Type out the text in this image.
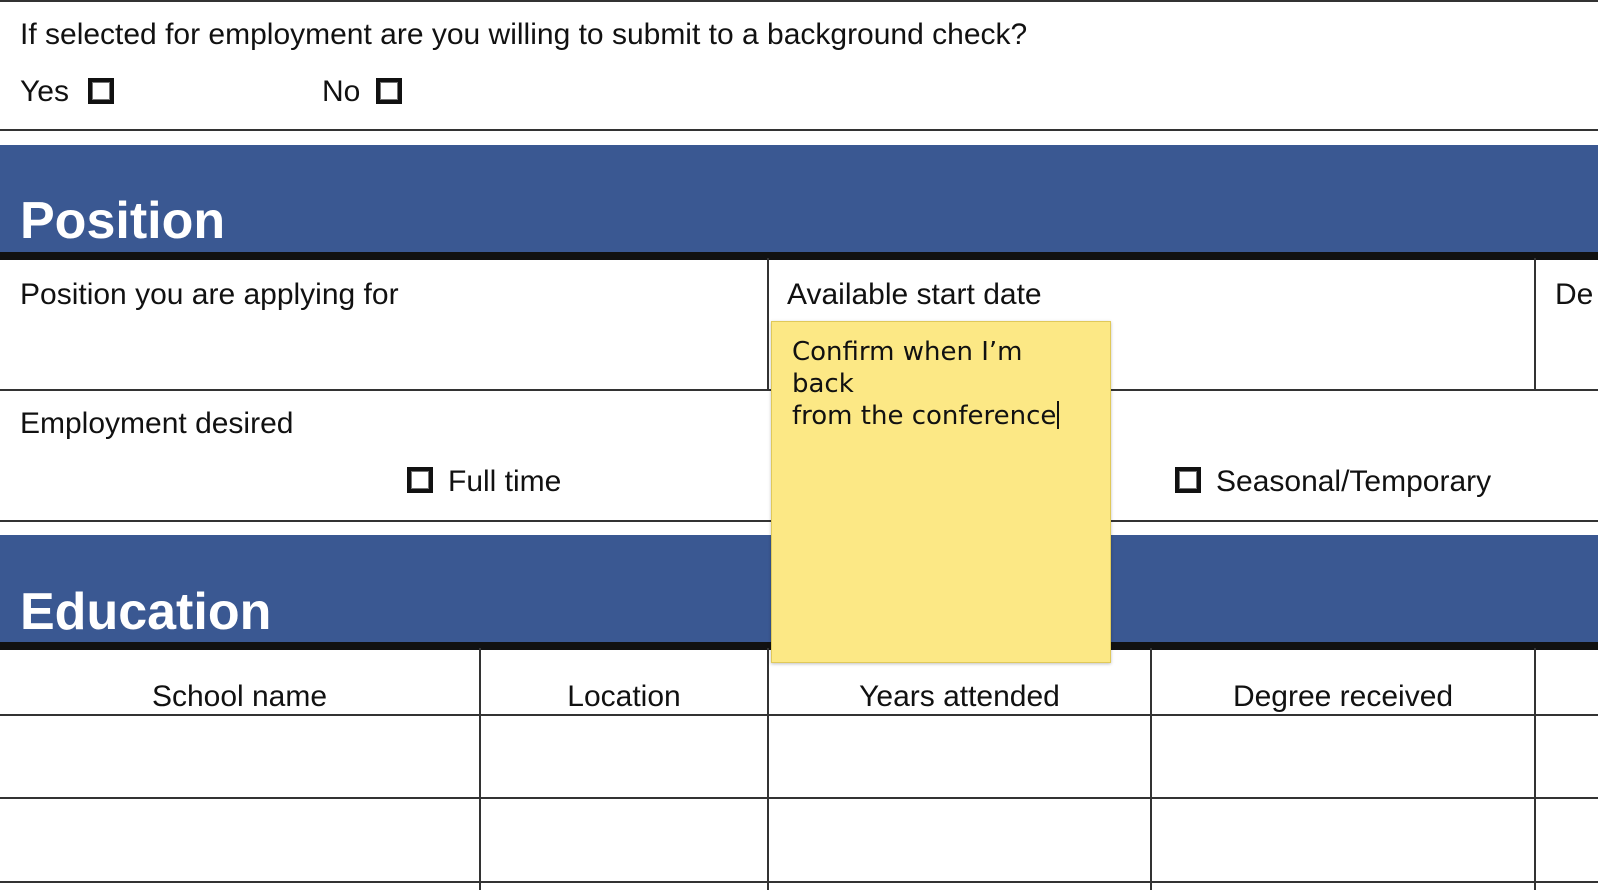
If selected for employment are you willing to submit to a background check?
Yes	No
Position
Position you are applying for	Available start date	De
Employment desired
Full time	Seasonal/Temporary
Education
School name	Location	Years attended	Degree received
Confirm when I’m back
from the conference
